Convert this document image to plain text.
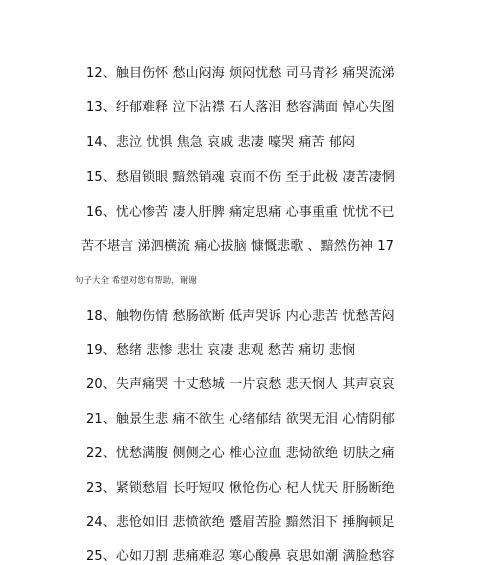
12、触目伤怀 愁山闷海 烦闷忧愁 司马青衫 痛哭流涕
13、纡郁难释 泣下沾襟 石人落泪 愁容满面 悼心失图
14、悲泣 忧惧 焦急 哀戚 悲凄 嚎哭 痛苦 郁闷
15、愁眉锁眼 黯然销魂 哀而不伤 至于此极 凄苦凄惘
16、忧心惨苦 凄人肝脾 痛定思痛 心事重重 忧忧不已
苦不堪言 涕泗横流 痛心拔脑 慷慨悲歌 、黯然伤神 17
句子大全 希望对您有帮助，谢谢
18、触物伤情 愁肠欲断 低声哭诉 内心悲苦 忧愁苦闷
19、愁绪 悲惨 悲壮 哀凄 悲观 愁苦 痛切 悲悯
20、失声痛哭 十丈愁城 一片哀愁 悲天悯人 其声哀哀
21、触景生悲 痛不欲生 心绪郁结 欲哭无泪 心情阴郁
22、忧愁满腹 侧侧之心 椎心泣血 悲恸欲绝 切肤之痛
23、紧锁愁眉 长吁短叹 愀怆伤心 杞人忧天 肝肠断绝
24、悲怆如旧 悲愤欲绝 蹙眉苦脸 黯然泪下 捶胸顿足
25、心如刀割 悲痛难忍 寒心酸鼻 哀思如潮 满脸愁容
